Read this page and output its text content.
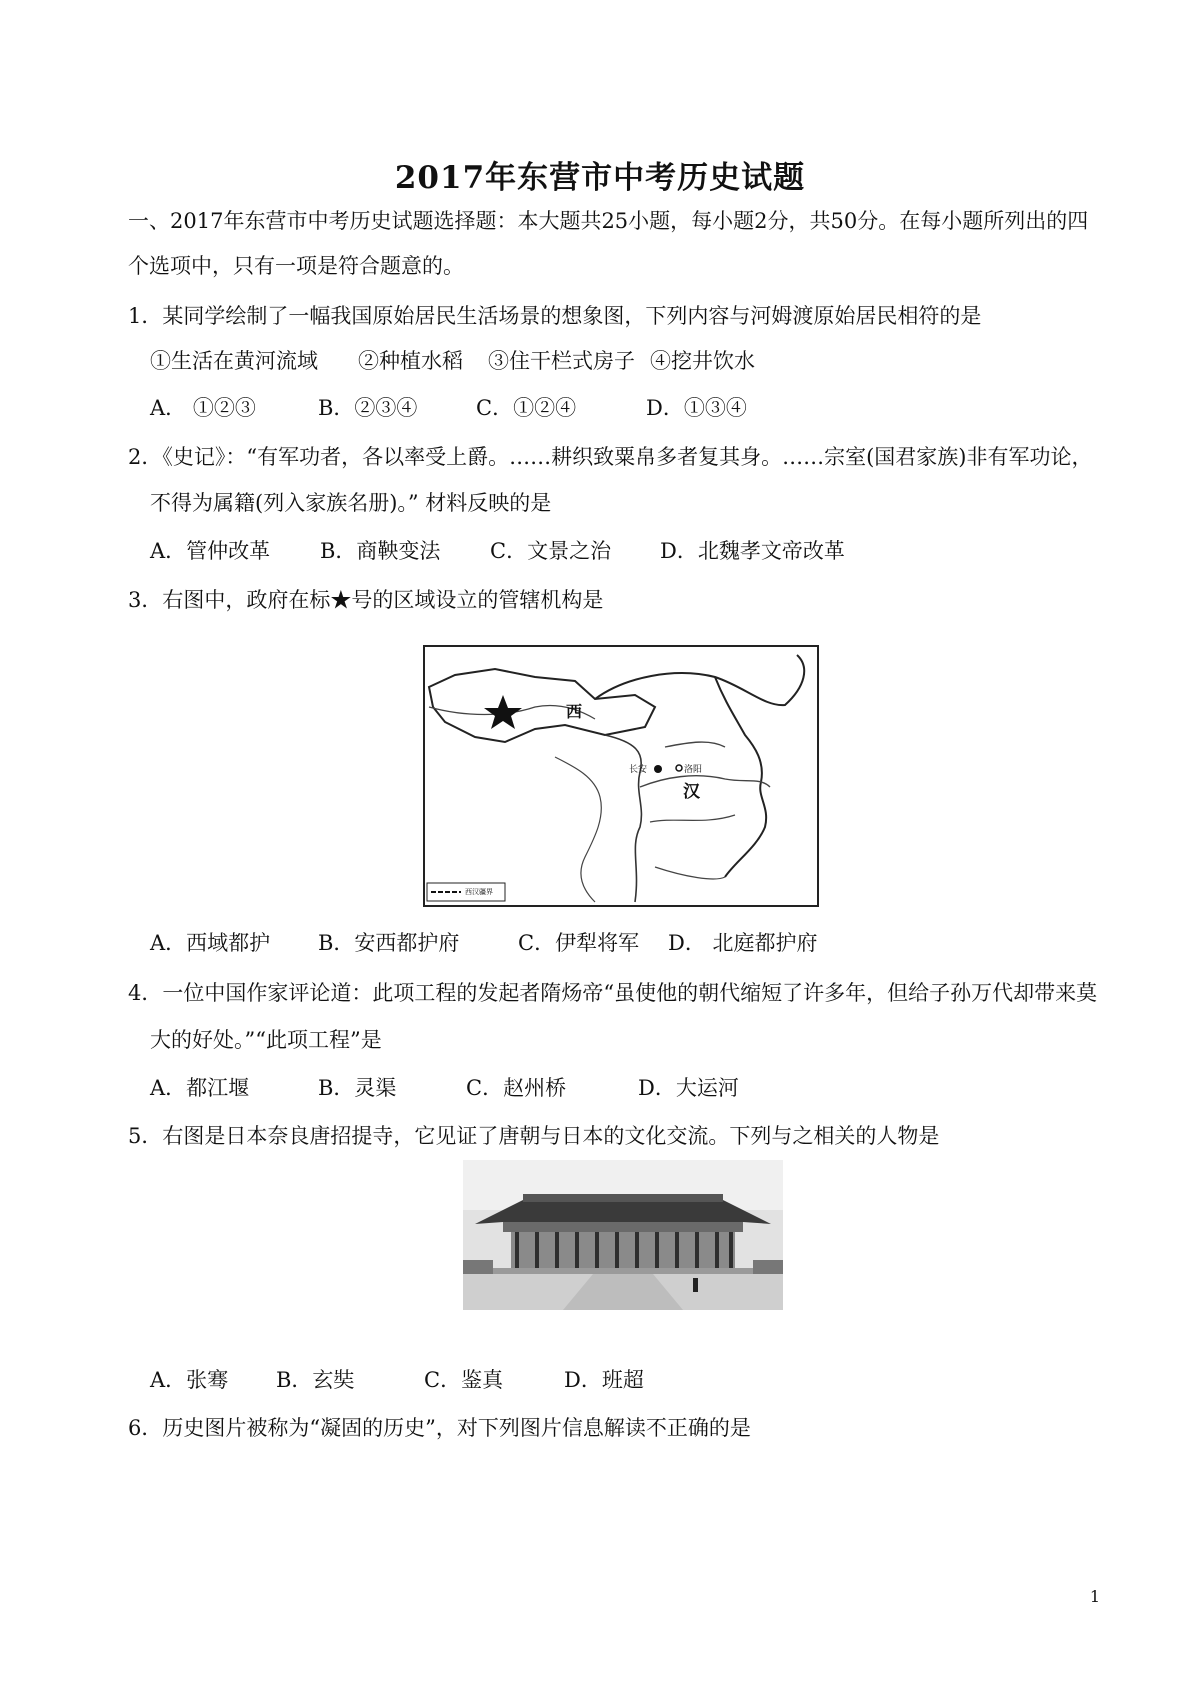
2017年东营市中考历史试题
一、2017年东营市中考历史试题选择题：本大题共25小题，每小题2分，共50分。在每小题所列出的四
个选项中，只有一项是符合题意的。
1．某同学绘制了一幅我国原始居民生活场景的想象图，下列内容与河姆渡原始居民相符的是
①生活在黄河流域 ②种植水稻 ③住干栏式房子 ④挖井饮水
A． ①②③	B．②③④	C．①②④	D．①③④
2．《史记》：“有军功者，各以率受上爵。……耕织致粟帛多者复其身。……宗室(国君家族)非有军功论，
不得为属籍(列入家族名册)。” 材料反映的是
A．管仲改革 B．商鞅变法 C．文景之治 D．北魏孝文帝改革
3．右图中，政府在标★号的区域设立的管辖机构是
西
汉
长安	洛阳
西汉疆界
A．西域都护 B．安西都护府	C．伊犁将军 D． 北庭都护府
4．一位中国作家评论道：此项工程的发起者隋炀帝“虽使他的朝代缩短了许多年，但给子孙万代却带来莫
大的好处。”“此项工程”是
A．都江堰	B．灵渠	C．赵州桥	D．大运河
5．右图是日本奈良唐招提寺，它见证了唐朝与日本的文化交流。下列与之相关的人物是
A．张骞 B．玄奘	C．鉴真	D．班超
6．历史图片被称为“凝固的历史”，对下列图片信息解读不正确的是
1
